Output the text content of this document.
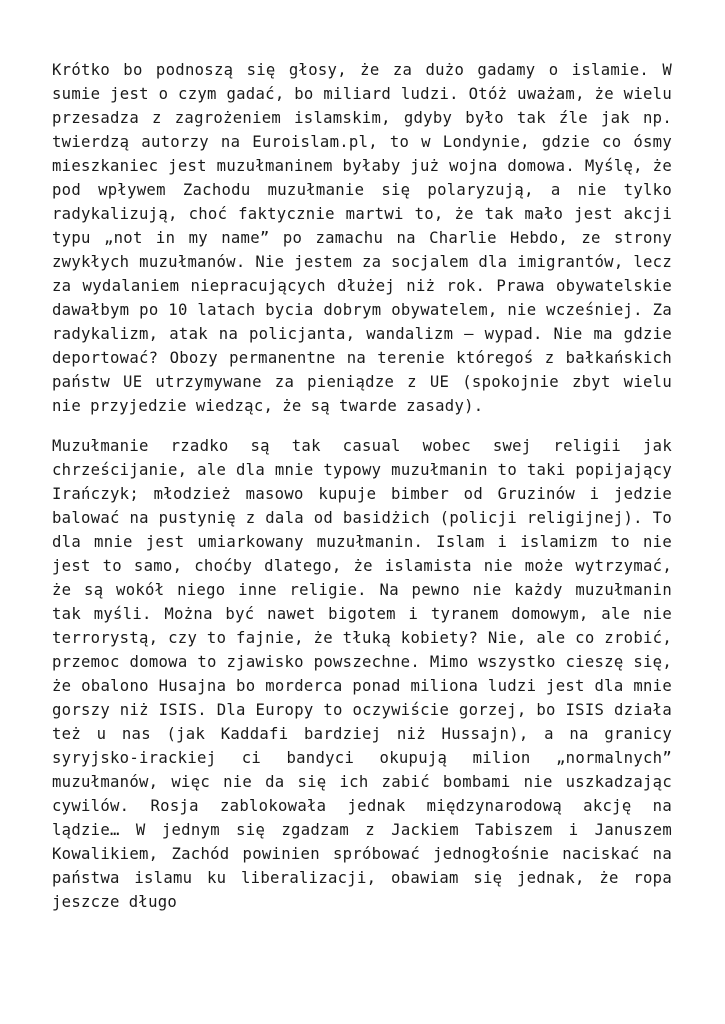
Krótko bo podnoszą się głosy, że za dużo gadamy o islamie. W sumie jest o czym gadać, bo miliard ludzi. Otóż uważam, że wielu przesadza z zagrożeniem islamskim, gdyby było tak źle jak np. twierdzą autorzy na Euroislam.pl, to w Londynie, gdzie co ósmy mieszkaniec jest muzułmaninem byłaby już wojna domowa. Myślę, że pod wpływem Zachodu muzułmanie się polaryzują, a nie tylko radykalizują, choć faktycznie martwi to, że tak mało jest akcji typu „not in my name” po zamachu na Charlie Hebdo, ze strony zwykłych muzułmanów. Nie jestem za socjalem dla imigrantów, lecz za wydalaniem niepracujących dłużej niż rok. Prawa obywatelskie dawałbym po 10 latach bycia dobrym obywatelem, nie wcześniej. Za radykalizm, atak na policjanta, wandalizm – wypad. Nie ma gdzie deportować? Obozy permanentne na terenie któregoś z bałkańskich państw UE utrzymywane za pieniądze z UE (spokojnie zbyt wielu nie przyjedzie wiedząc, że są twarde zasady).

Muzułmanie rzadko są tak casual wobec swej religii jak chrześcijanie, ale dla mnie typowy muzułmanin to taki popijający Irańczyk; młodzież masowo kupuje bimber od Gruzinów i jedzie balować na pustynię z dala od basidżich (policji religijnej). To dla mnie jest umiarkowany muzułmanin. Islam i islamizm to nie jest to samo, choćby dlatego, że islamista nie może wytrzymać, że są wokół niego inne religie. Na pewno nie każdy muzułmanin tak myśli. Można być nawet bigotem i tyranem domowym, ale nie terrorystą, czy to fajnie, że tłuką kobiety? Nie, ale co zrobić, przemoc domowa to zjawisko powszechne. Mimo wszystko cieszę się, że obalono Husajna bo morderca ponad miliona ludzi jest dla mnie gorszy niż ISIS. Dla Europy to oczywiście gorzej, bo ISIS działa też u nas (jak Kaddafi bardziej niż Hussajn), a na granicy syryjsko-irackiej ci bandyci okupują milion „normalnych” muzułmanów, więc nie da się ich zabić bombami nie uszkadzając cywilów. Rosja zablokowała jednak międzynarodową akcję na lądzie… W jednym się zgadzam z Jackiem Tabiszem i Januszem Kowalikiem, Zachód powinien spróbować jednogłośnie naciskać na państwa islamu ku liberalizacji, obawiam się jednak, że ropa jeszcze długo
